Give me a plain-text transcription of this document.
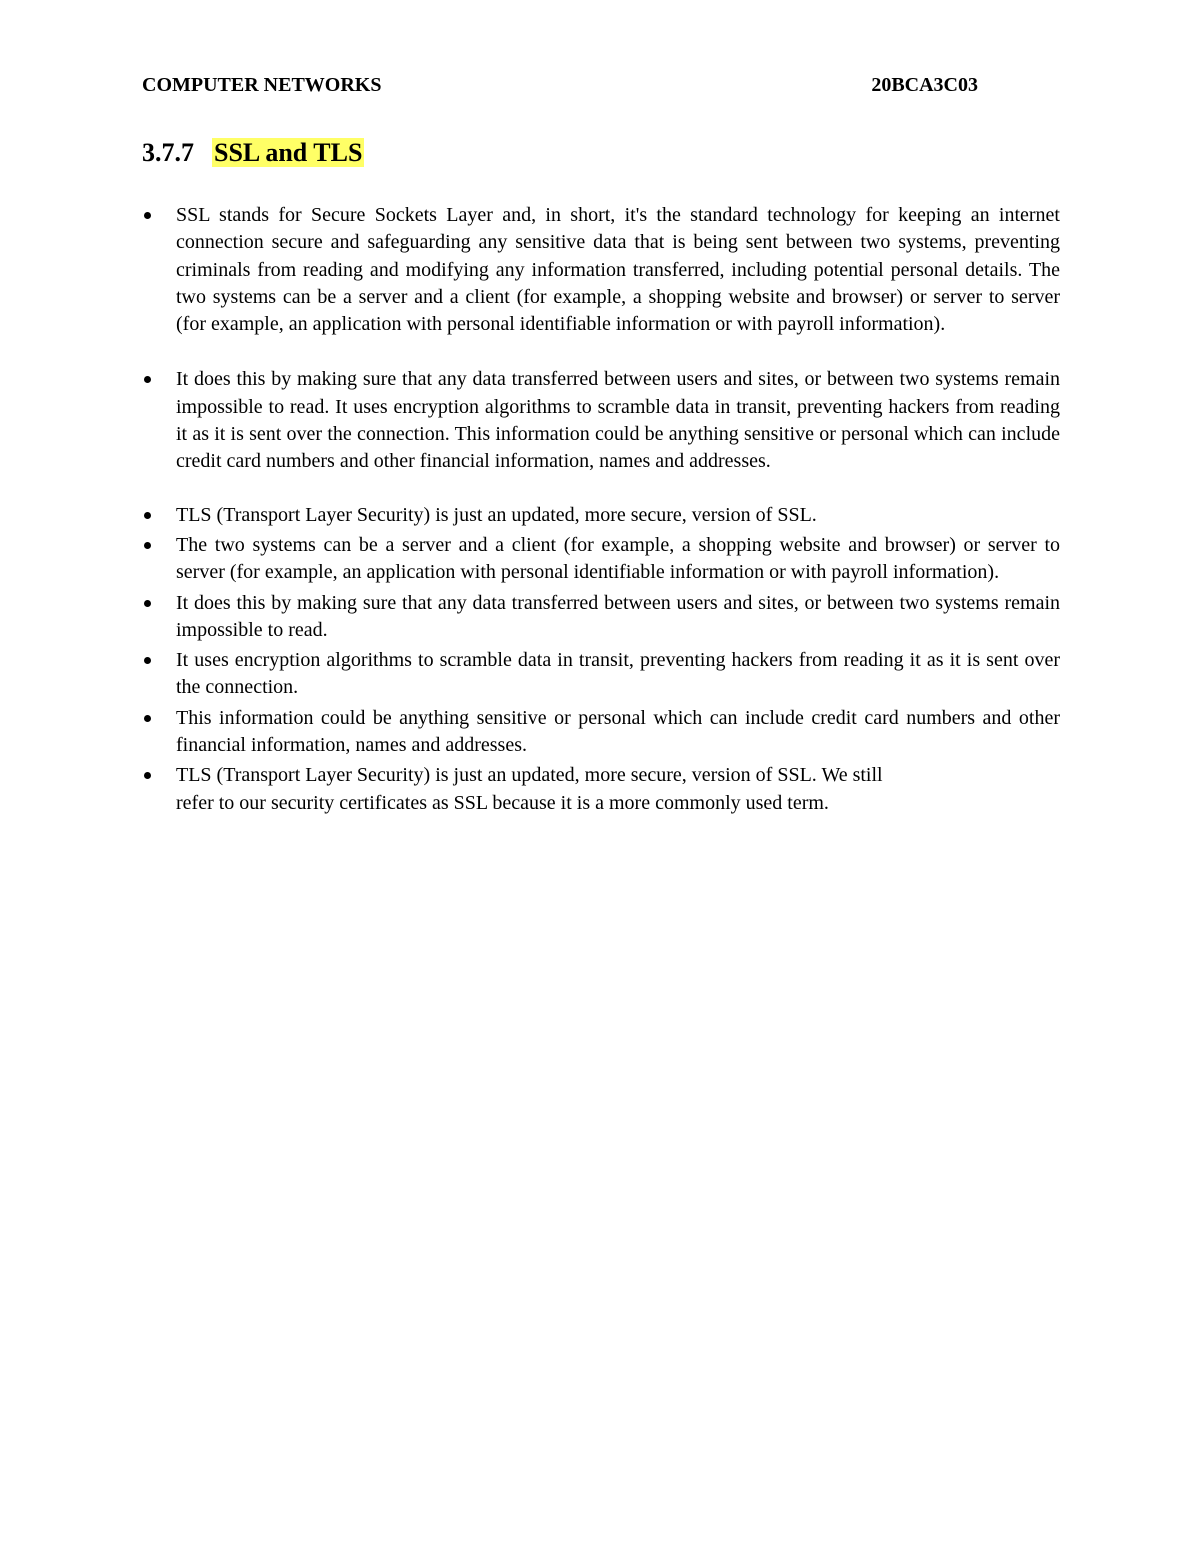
COMPUTER NETWORKS	20BCA3C03
3.7.7 SSL and TLS
SSL stands for Secure Sockets Layer and, in short, it's the standard technology for keeping an internet connection secure and safeguarding any sensitive data that is being sent between two systems, preventing criminals from reading and modifying any information transferred, including potential personal details. The two systems can be a server and a client (for example, a shopping website and browser) or server to server (for example, an application with personal identifiable information or with payroll information).
It does this by making sure that any data transferred between users and sites, or between two systems remain impossible to read. It uses encryption algorithms to scramble data in transit, preventing hackers from reading it as it is sent over the connection. This information could be anything sensitive or personal which can include credit card numbers and other financial information, names and addresses.
TLS (Transport Layer Security) is just an updated, more secure, version of SSL.
The two systems can be a server and a client (for example, a shopping website and browser) or server to server (for example, an application with personal identifiable information or with payroll information).
It does this by making sure that any data transferred between users and sites, or between two systems remain impossible to read.
It uses encryption algorithms to scramble data in transit, preventing hackers from reading it as it is sent over the connection.
This information could be anything sensitive or personal which can include credit card numbers and other financial information, names and addresses.
TLS (Transport Layer Security) is just an updated, more secure, version of SSL. We still
refer to our security certificates as SSL because it is a more commonly used term.
